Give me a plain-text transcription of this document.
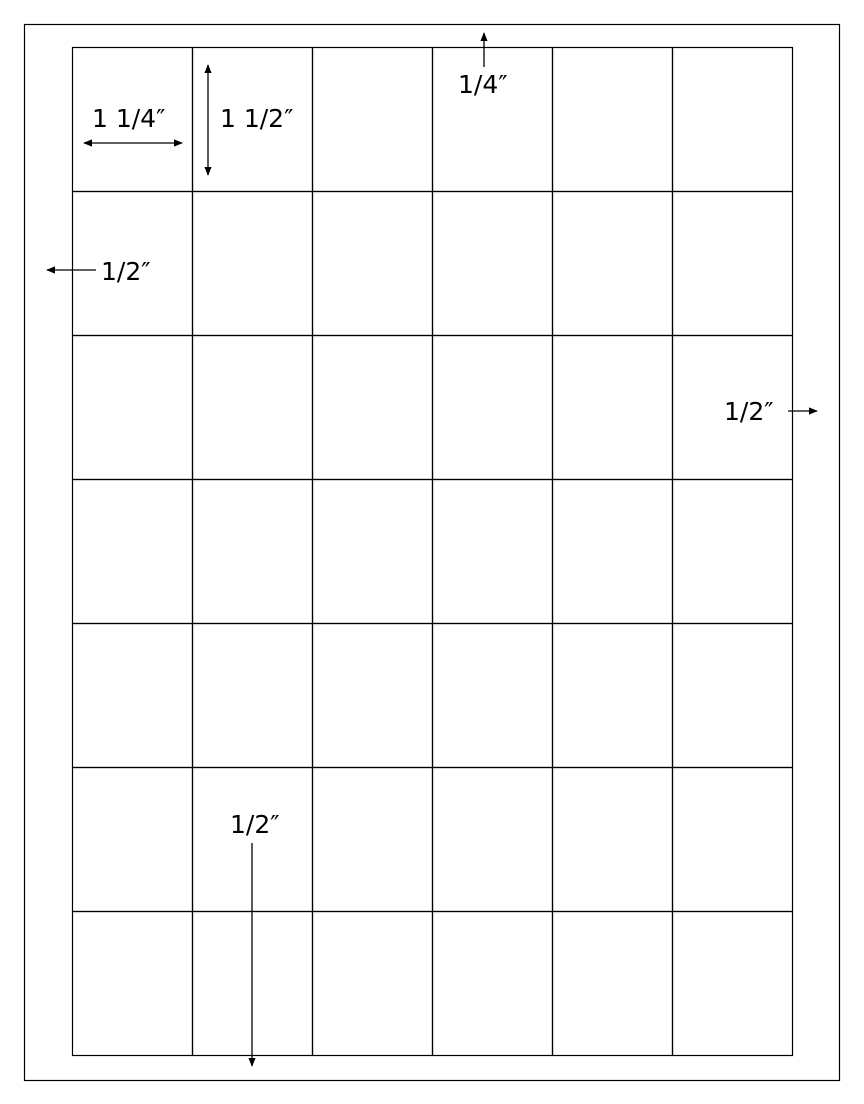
1 1/4″ 1 1/2″
1/4″
1/2″
1/2″
1/2″
